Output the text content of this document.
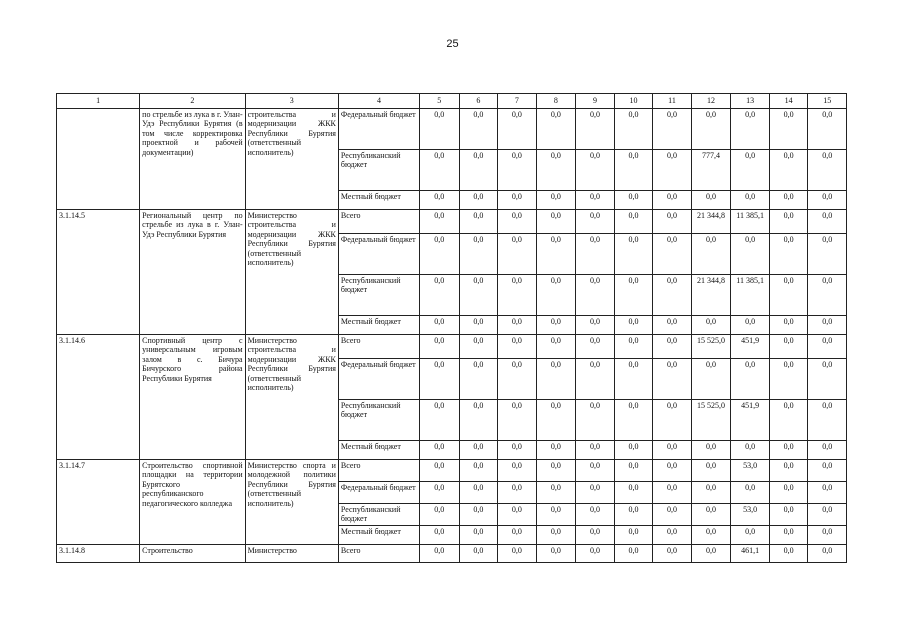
25
1	2	3	4	5	6	7	8	9	10	11	12	13	14	15
	по стрельбе из лука в г. Улан-Удэ Республики Бурятия (в том числе корректировка проектной и рабочей документации)	строительства и модернизации ЖКК Республики Бурятия (ответственный исполнитель)	Федеральный бюджет	0,0	0,0	0,0	0,0	0,0	0,0	0,0	0,0	0,0	0,0	0,0
			Республиканский бюджет	0,0	0,0	0,0	0,0	0,0	0,0	0,0	777,4	0,0	0,0	0,0
			Местный бюджет	0,0	0,0	0,0	0,0	0,0	0,0	0,0	0,0	0,0	0,0	0,0
3.1.14.5	Региональный центр по стрельбе из лука в г. Улан-Удэ Республики Бурятия	Министерство строительства и модернизации ЖКК Республики Бурятия (ответственный исполнитель)	Всего	0,0	0,0	0,0	0,0	0,0	0,0	0,0	21 344,8	11 385,1	0,0	0,0
			Федеральный бюджет	0,0	0,0	0,0	0,0	0,0	0,0	0,0	0,0	0,0	0,0	0,0
			Республиканский бюджет	0,0	0,0	0,0	0,0	0,0	0,0	0,0	21 344,8	11 385,1	0,0	0,0
			Местный бюджет	0,0	0,0	0,0	0,0	0,0	0,0	0,0	0,0	0,0	0,0	0,0
3.1.14.6	Спортивный центр с универсальным игровым залом в с. Бичура Бичурского района Республики Бурятия	Министерство строительства и модернизации ЖКК Республики Бурятия (ответственный исполнитель)	Всего	0,0	0,0	0,0	0,0	0,0	0,0	0,0	15 525,0	451,9	0,0	0,0
			Федеральный бюджет	0,0	0,0	0,0	0,0	0,0	0,0	0,0	0,0	0,0	0,0	0,0
			Республиканский бюджет	0,0	0,0	0,0	0,0	0,0	0,0	0,0	15 525,0	451,9	0,0	0,0
			Местный бюджет	0,0	0,0	0,0	0,0	0,0	0,0	0,0	0,0	0,0	0,0	0,0
3.1.14.7	Строительство спортивной площадки на территории Бурятского республиканского педагогического колледжа	Министерство спорта и молодежной политики Республики Бурятия (ответственный исполнитель)	Всего	0,0	0,0	0,0	0,0	0,0	0,0	0,0	0,0	53,0	0,0	0,0
			Федеральный бюджет	0,0	0,0	0,0	0,0	0,0	0,0	0,0	0,0	0,0	0,0	0,0
			Республиканский бюджет	0,0	0,0	0,0	0,0	0,0	0,0	0,0	0,0	53,0	0,0	0,0
			Местный бюджет	0,0	0,0	0,0	0,0	0,0	0,0	0,0	0,0	0,0	0,0	0,0
3.1.14.8	Строительство	Министерство	Всего	0,0	0,0	0,0	0,0	0,0	0,0	0,0	0,0	461,1	0,0	0,0
